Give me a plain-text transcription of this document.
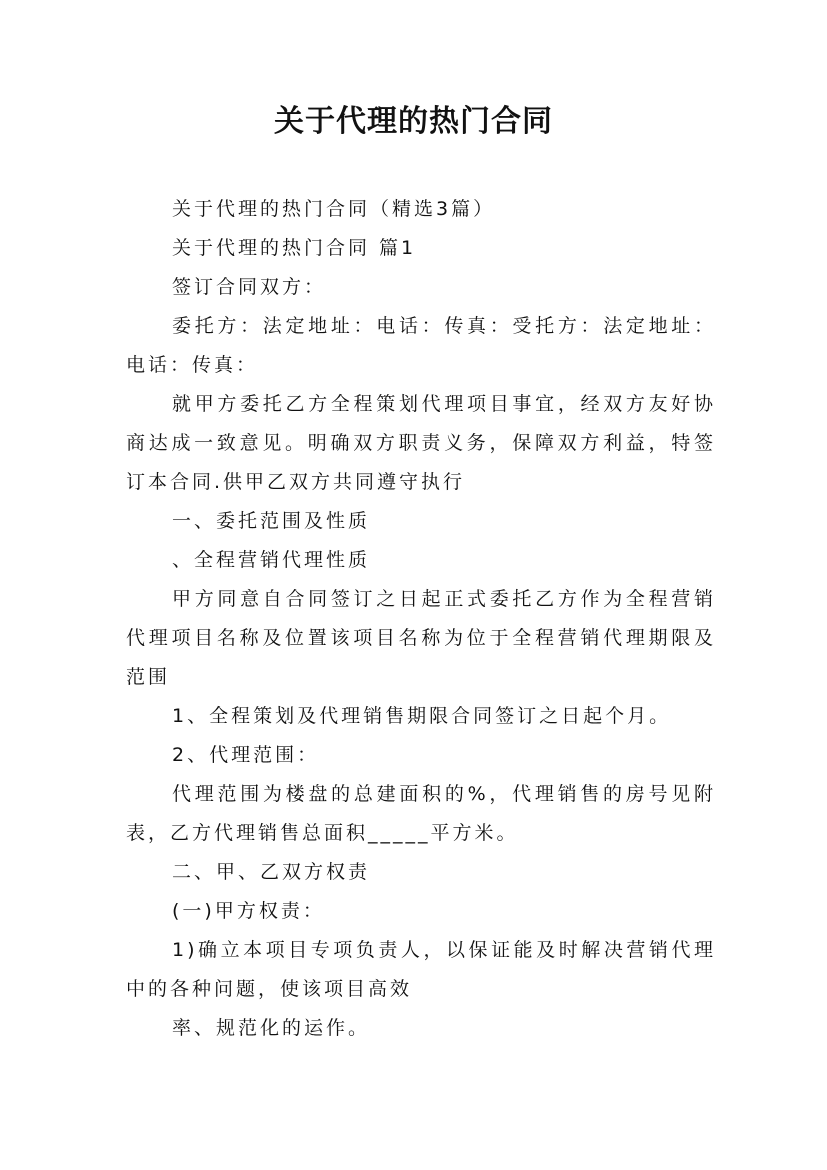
关于代理的热门合同

关于代理的热门合同（精选3篇）

关于代理的热门合同 篇1

签订合同双方：

委托方：法定地址：电话：传真：受托方：法定地址：电话：传真：

就甲方委托乙方全程策划代理项目事宜，经双方友好协商达成一致意见。明确双方职责义务，保障双方利益，特签订本合同.供甲乙双方共同遵守执行

一、委托范围及性质

、全程营销代理性质

甲方同意自合同签订之日起正式委托乙方作为全程营销代理项目名称及位置该项目名称为位于全程营销代理期限及范围

1、全程策划及代理销售期限合同签订之日起个月。

2、代理范围：

代理范围为楼盘的总建面积的%，代理销售的房号见附表，乙方代理销售总面积_____平方米。

二、甲、乙双方权责

(一)甲方权责：

1)确立本项目专项负责人，以保证能及时解决营销代理中的各种问题，使该项目高效

率、规范化的运作。
